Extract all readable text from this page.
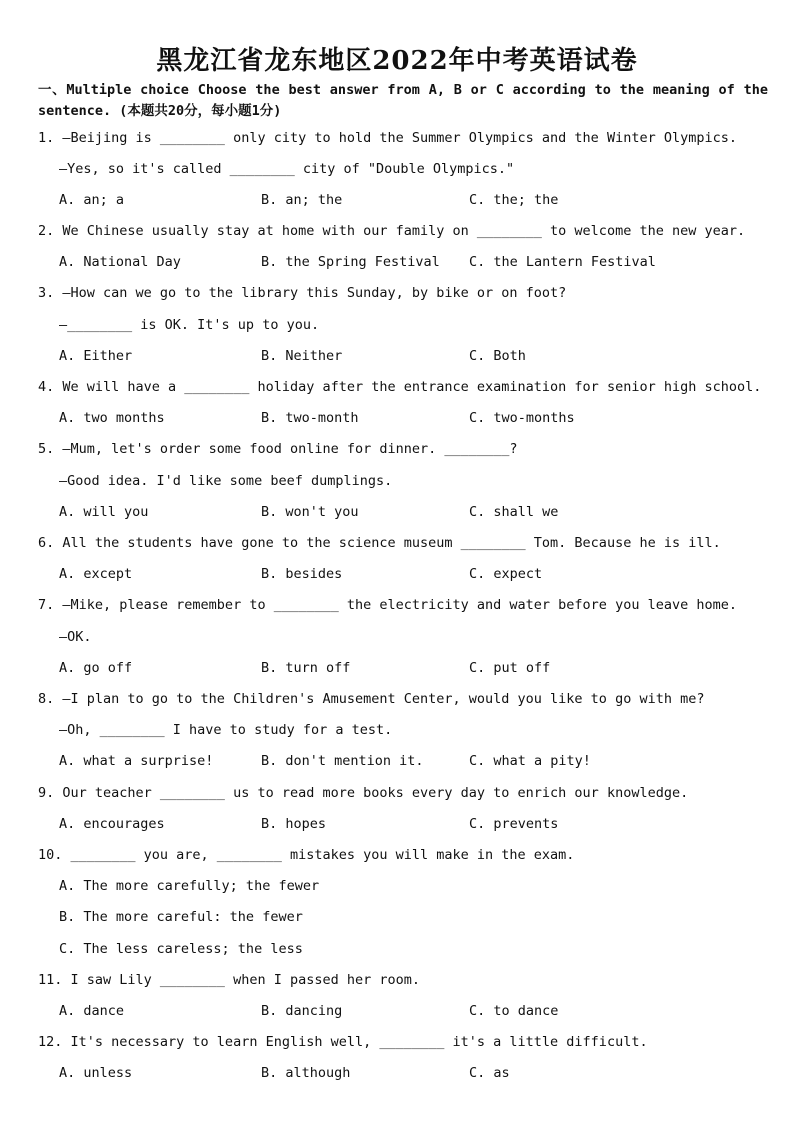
黑龙江省龙东地区2022年中考英语试卷
一、Multiple choice Choose the best answer from A, B or C according to the meaning of the sentence. (本题共20分，每小题1分)
1. —Beijing is ________ only city to hold the Summer Olympics and the Winter Olympics.
—Yes, so it's called ________ city of "Double Olympics."
A. an; a	B. an; the	C. the; the
2. We Chinese usually stay at home with our family on ________ to welcome the new year.
A. National Day	B. the Spring Festival C. the Lantern Festival
3. —How can we go to the library this Sunday, by bike or on foot?
—________ is OK. It's up to you.
A. Either	B. Neither	C. Both
4. We will have a ________ holiday after the entrance examination for senior high school.
A. two months	B. two-month	C. two-months
5. —Mum, let's order some food online for dinner. ________?
—Good idea. I'd like some beef dumplings.
A. will you	B. won't you	C. shall we
6. All the students have gone to the science museum ________ Tom. Because he is ill.
A. except	B. besides	C. expect
7. —Mike, please remember to ________ the electricity and water before you leave home.
—OK.
A. go off	B. turn off	C. put off
8. —I plan to go to the Children's Amusement Center, would you like to go with me?
—Oh, ________ I have to study for a test.
A. what a surprise!	B. don't mention it.	C. what a pity!
9. Our teacher ________ us to read more books every day to enrich our knowledge.
A. encourages	B. hopes	C. prevents
10. ________ you are, ________ mistakes you will make in the exam.
A. The more carefully; the fewer
B. The more careful: the fewer
C. The less careless; the less
11. I saw Lily ________ when I passed her room.
A. dance	B. dancing	C. to dance
12. It's necessary to learn English well, ________ it's a little difficult.
A. unless	B. although	C. as
